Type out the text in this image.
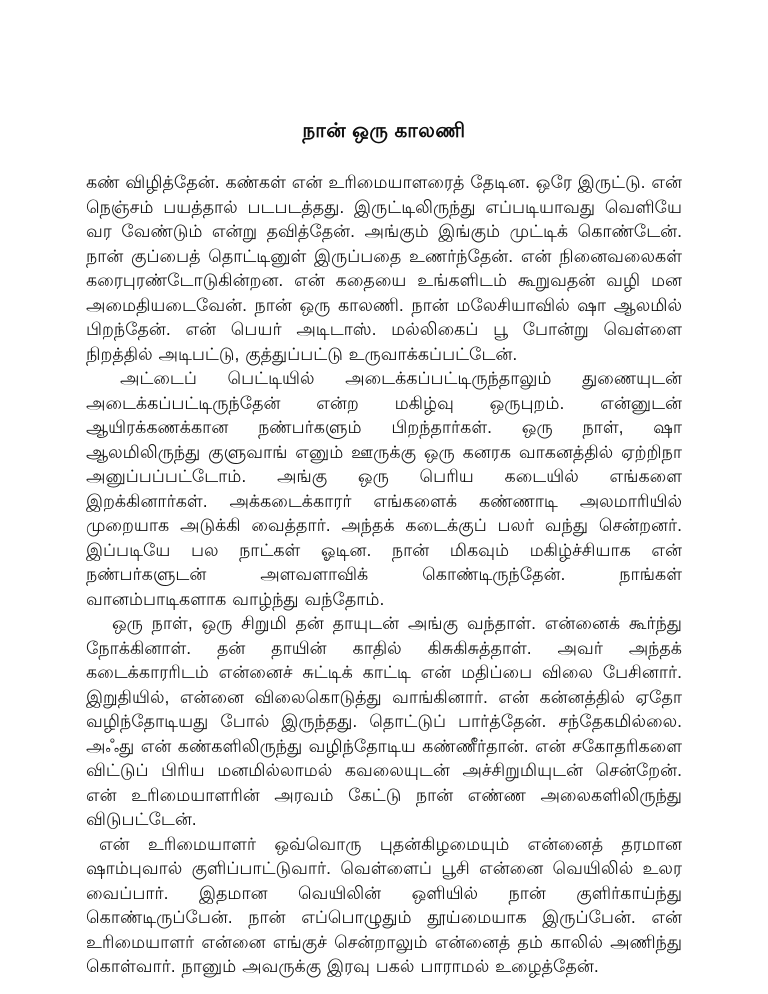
நான் ஒரு காலணி

கண் விழித்தேன். கண்கள் என் உரிமையாளரைத் தேடின. ஒரே இருட்டு. என் நெஞ்சம் பயத்தால் படபடத்தது. இருட்டிலிருந்து எப்படியாவது வெளியே வர வேண்டும் என்று தவித்தேன். அங்கும் இங்கும் முட்டிக் கொண்டேன். நான் குப்பைத் தொட்டினுள் இருப்பதை உணர்ந்தேன். என் நினைவலைகள் கரைபுரண்டோடுகின்றன. என் கதையை உங்களிடம் கூறுவதன் வழி மன அமைதியடைவேன். நான் ஒரு காலணி. நான் மலேசியாவில் ஷா ஆலமில் பிறந்தேன். என் பெயர் அடிடாஸ். மல்லிகைப் பூ போன்று வெள்ளை நிறத்தில் அடிபட்டு, குத்துப்பட்டு உருவாக்கப்பட்டேன்.

அட்டைப் பெட்டியில் அடைக்கப்பட்டிருந்தாலும் துணையுடன் அடைக்கப்பட்டிருந்தேன் என்ற மகிழ்வு ஒருபுறம். என்னுடன் ஆயிரக்கணக்கான நண்பர்களும் பிறந்தார்கள். ஒரு நாள், ஷா ஆலமிலிருந்து குளுவாங் எனும் ஊருக்கு ஒரு கனரக வாகனத்தில் ஏற்றிநா அனுப்பப்பட்டோம். அங்கு ஒரு பெரிய கடையில் எங்களை இறக்கினார்கள். அக்கடைக்காரர் எங்களைக் கண்ணாடி அலமாரியில் முறையாக அடுக்கி வைத்தார். அந்தக் கடைக்குப் பலர் வந்து சென்றனர். இப்படியே பல நாட்கள் ஓடின. நான் மிகவும் மகிழ்ச்சியாக என் நண்பர்களுடன் அளவளாவிக் கொண்டிருந்தேன். நாங்கள் வானம்பாடிகளாக வாழ்ந்து வந்தோம்.

ஒரு நாள், ஒரு சிறுமி தன் தாயுடன் அங்கு வந்தாள். என்னைக் கூர்ந்து நோக்கினாள். தன் தாயின் காதில் கிசுகிசுத்தாள். அவர் அந்தக் கடைக்காரரிடம் என்னைச் சுட்டிக் காட்டி என் மதிப்பை விலை பேசினார். இறுதியில், என்னை விலைகொடுத்து வாங்கினார். என் கன்னத்தில் ஏதோ வழிந்தோடியது போல் இருந்தது. தொட்டுப் பார்த்தேன். சந்தேகமில்லை. அஃது என் கண்களிலிருந்து வழிந்தோடிய கண்ணீர்தான். என் சகோதரிகளை விட்டுப் பிரிய மனமில்லாமல் கவலையுடன் அச்சிறுமியுடன் சென்றேன். என் உரிமையாளரின் அரவம் கேட்டு நான் எண்ண அலைகளிலிருந்து விடுபட்டேன்.

என் உரிமையாளர் ஒவ்வொரு புதன்கிழமையும் என்னைத் தரமான ஷாம்புவால் குளிப்பாட்டுவார். வெள்ளைப் பூசி என்னை வெயிலில் உலர வைப்பார். இதமான வெயிலின் ஒளியில் நான் குளிர்காய்ந்து கொண்டிருப்பேன். நான் எப்பொழுதும் தூய்மையாக இருப்பேன். என் உரிமையாளர் என்னை எங்குச் சென்றாலும் என்னைத் தம் காலில் அணிந்து கொள்வார். நானும் அவருக்கு இரவு பகல் பாராமல் உழைத்தேன்.
